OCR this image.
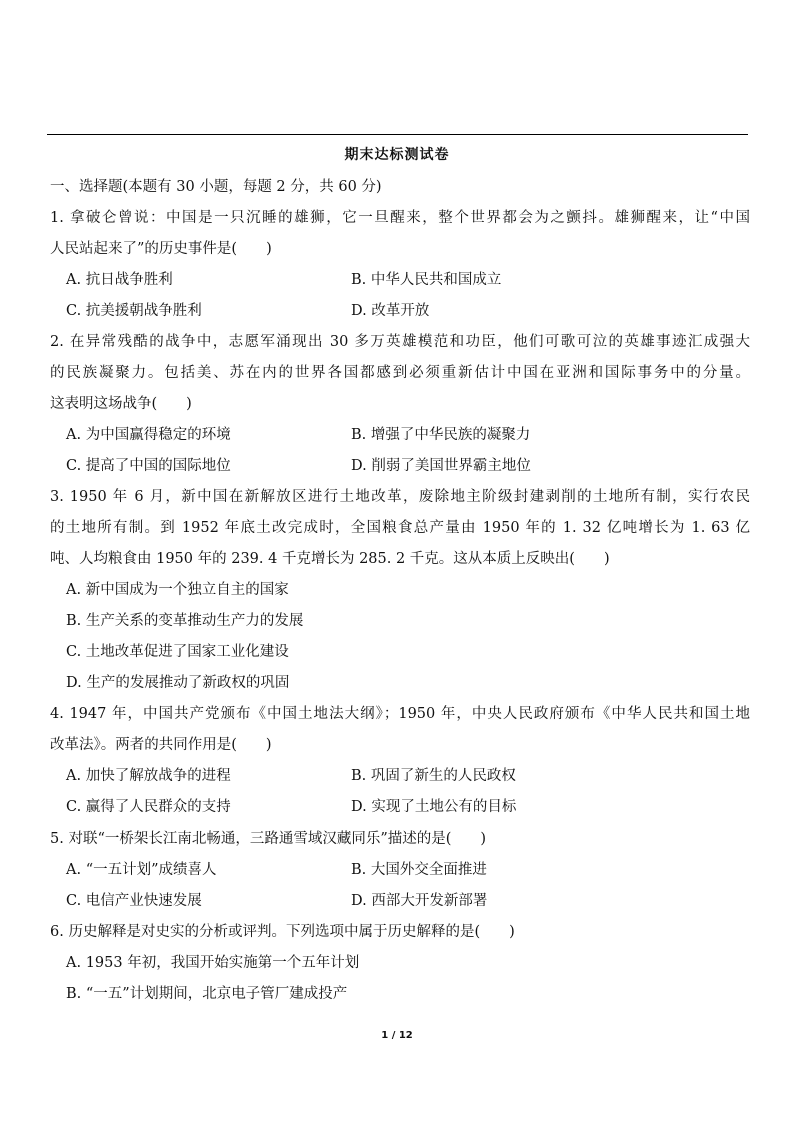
期末达标测试卷
一、选择题(本题有 30 小题，每题 2 分，共 60 分)
1. 拿破仑曾说：中国是一只沉睡的雄狮，它一旦醒来，整个世界都会为之颤抖。雄狮醒来，让“中国
人民站起来了”的历史事件是(　　)
A. 抗日战争胜利	B. 中华人民共和国成立
C. 抗美援朝战争胜利	D. 改革开放
2. 在异常残酷的战争中，志愿军涌现出 30 多万英雄模范和功臣，他们可歌可泣的英雄事迹汇成强大
的民族凝聚力。包括美、苏在内的世界各国都感到必须重新估计中国在亚洲和国际事务中的分量。
这表明这场战争(　　)
A. 为中国赢得稳定的环境	B. 增强了中华民族的凝聚力
C. 提高了中国的国际地位	D. 削弱了美国世界霸主地位
3. 1950 年 6 月，新中国在新解放区进行土地改革，废除地主阶级封建剥削的土地所有制，实行农民
的土地所有制。到 1952 年底土改完成时，全国粮食总产量由 1950 年的 1. 32 亿吨增长为 1. 63 亿
吨、人均粮食由 1950 年的 239. 4 千克增长为 285. 2 千克。这从本质上反映出(　　)
A. 新中国成为一个独立自主的国家
B. 生产关系的变革推动生产力的发展
C. 土地改革促进了国家工业化建设
D. 生产的发展推动了新政权的巩固
4. 1947 年，中国共产党颁布《中国土地法大纲》；1950 年，中央人民政府颁布《中华人民共和国土地
改革法》。两者的共同作用是(　　)
A. 加快了解放战争的进程	B. 巩固了新生的人民政权
C. 赢得了人民群众的支持	D. 实现了土地公有的目标
5. 对联“一桥架长江南北畅通，三路通雪域汉藏同乐”描述的是(　　)
A. “一五计划”成绩喜人	B. 大国外交全面推进
C. 电信产业快速发展	D. 西部大开发新部署
6. 历史解释是对史实的分析或评判。下列选项中属于历史解释的是(　　)
A. 1953 年初，我国开始实施第一个五年计划
B. “一五”计划期间，北京电子管厂建成投产
1 / 12
